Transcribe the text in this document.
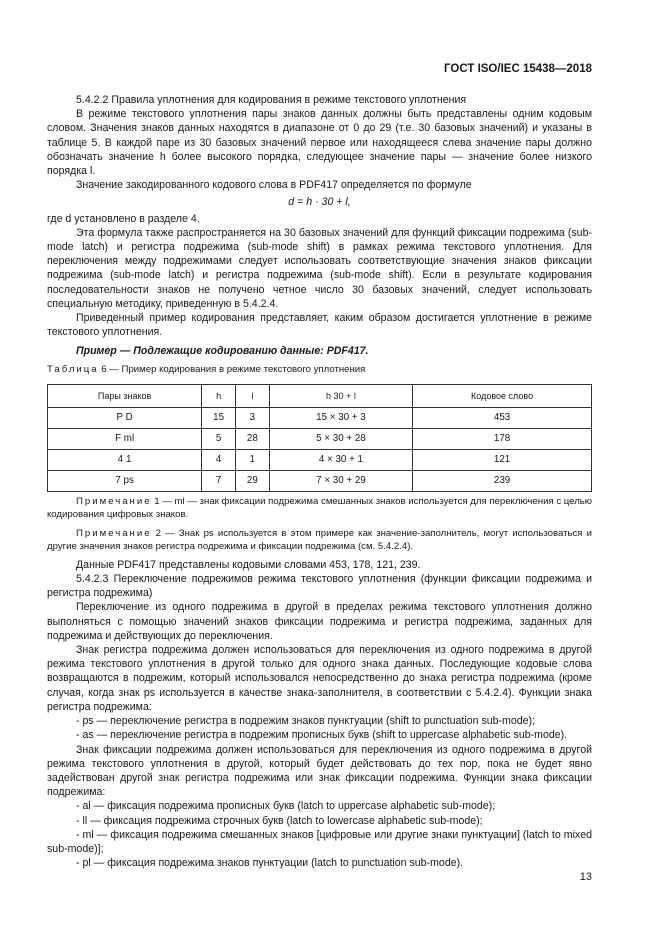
ГОСТ ISO/IEC 15438—2018

5.4.2.2 Правила уплотнения для кодирования в режиме текстового уплотнения

В режиме текстового уплотнения пары знаков данных должны быть представлены одним кодовым словом. Значения знаков данных находятся в диапазоне от 0 до 29 (т.е. 30 базовых значений) и указаны в таблице 5. В каждой паре из 30 базовых значений первое или находящееся слева значение пары должно обозначать значение h более высокого порядка, следующее значение пары — значение более низкого порядка l.

Значение закодированного кодового слова в PDF417 определяется по формуле

d = h · 30 + l,

где d установлено в разделе 4.

Эта формула также распространяется на 30 базовых значений для функций фиксации подрежима (sub-mode latch) и регистра подрежима (sub-mode shift) в рамках режима текстового уплотнения. Для переключения между подрежимами следует использовать соответствующие значения знаков фиксации подрежима (sub-mode latch) и регистра подрежима (sub-mode shift). Если в результате кодирования последовательности знаков не получено четное число 30 базовых значений, следует использовать специальную методику, приведенную в 5.4.2.4.

Приведенный пример кодирования представляет, каким образом достигается уплотнение в режиме текстового уплотнения.

Пример — Подлежащие кодированию данные: PDF417.

Таблица 6 — Пример кодирования в режиме текстового уплотнения
Пары знаков	h	l	h 30 + l	Кодовое слово
P D	15	3	15 × 30 + 3	453
F ml	5	28	5 × 30 + 28	178
4 1	4	1	4 × 30 + 1	121
7 ps	7	29	7 × 30 + 29	239

Примечание 1 — ml — знак фиксации подрежима смешанных знаков используется для переключения с целью кодирования цифровых знаков.

Примечание 2 — Знак ps используется в этом примере как значение-заполнитель, могут использоваться и другие значения знаков регистра подрежима и фиксации подрежима (см. 5.4.2.4).

Данные PDF417 представлены кодовыми словами 453, 178, 121, 239.

5.4.2.3 Переключение подрежимов режима текстового уплотнения (функции фиксации подрежима и регистра подрежима)

Переключение из одного подрежима в другой в пределах режима текстового уплотнения должно выполняться с помощью значений знаков фиксации подрежима и регистра подрежима, заданных для подрежима и действующих до переключения.

Знак регистра подрежима должен использоваться для переключения из одного подрежима в другой режима текстового уплотнения в другой только для одного знака данных. Последующие кодовые слова возвращаются в подрежим, который использовался непосредственно до знака регистра подрежима (кроме случая, когда знак ps используется в качестве знака-заполнителя, в соответствии с 5.4.2.4). Функции знака регистра подрежима:

- ps — переключение регистра в подрежим знаков пунктуации (shift to punctuation sub-mode);

- as — переключение регистра в подрежим прописных букв (shift to uppercase alphabetic sub-mode).

Знак фиксации подрежима должен использоваться для переключения из одного подрежима в другой режима текстового уплотнения в другой, который будет действовать до тех пор, пока не будет явно задействован другой знак регистра подрежима или знак фиксации подрежима. Функции знака фиксации подрежима:

- al — фиксация подрежима прописных букв (latch to uppercase alphabetic sub-mode);

- ll — фиксация подрежима строчных букв (latch to lowercase alphabetic sub-mode);

- ml — фиксация подрежима смешанных знаков [цифровые или другие знаки пунктуации] (latch to mixed sub-mode)];

- pl — фиксация подрежима знаков пунктуации (latch to punctuation sub-mode).

13
